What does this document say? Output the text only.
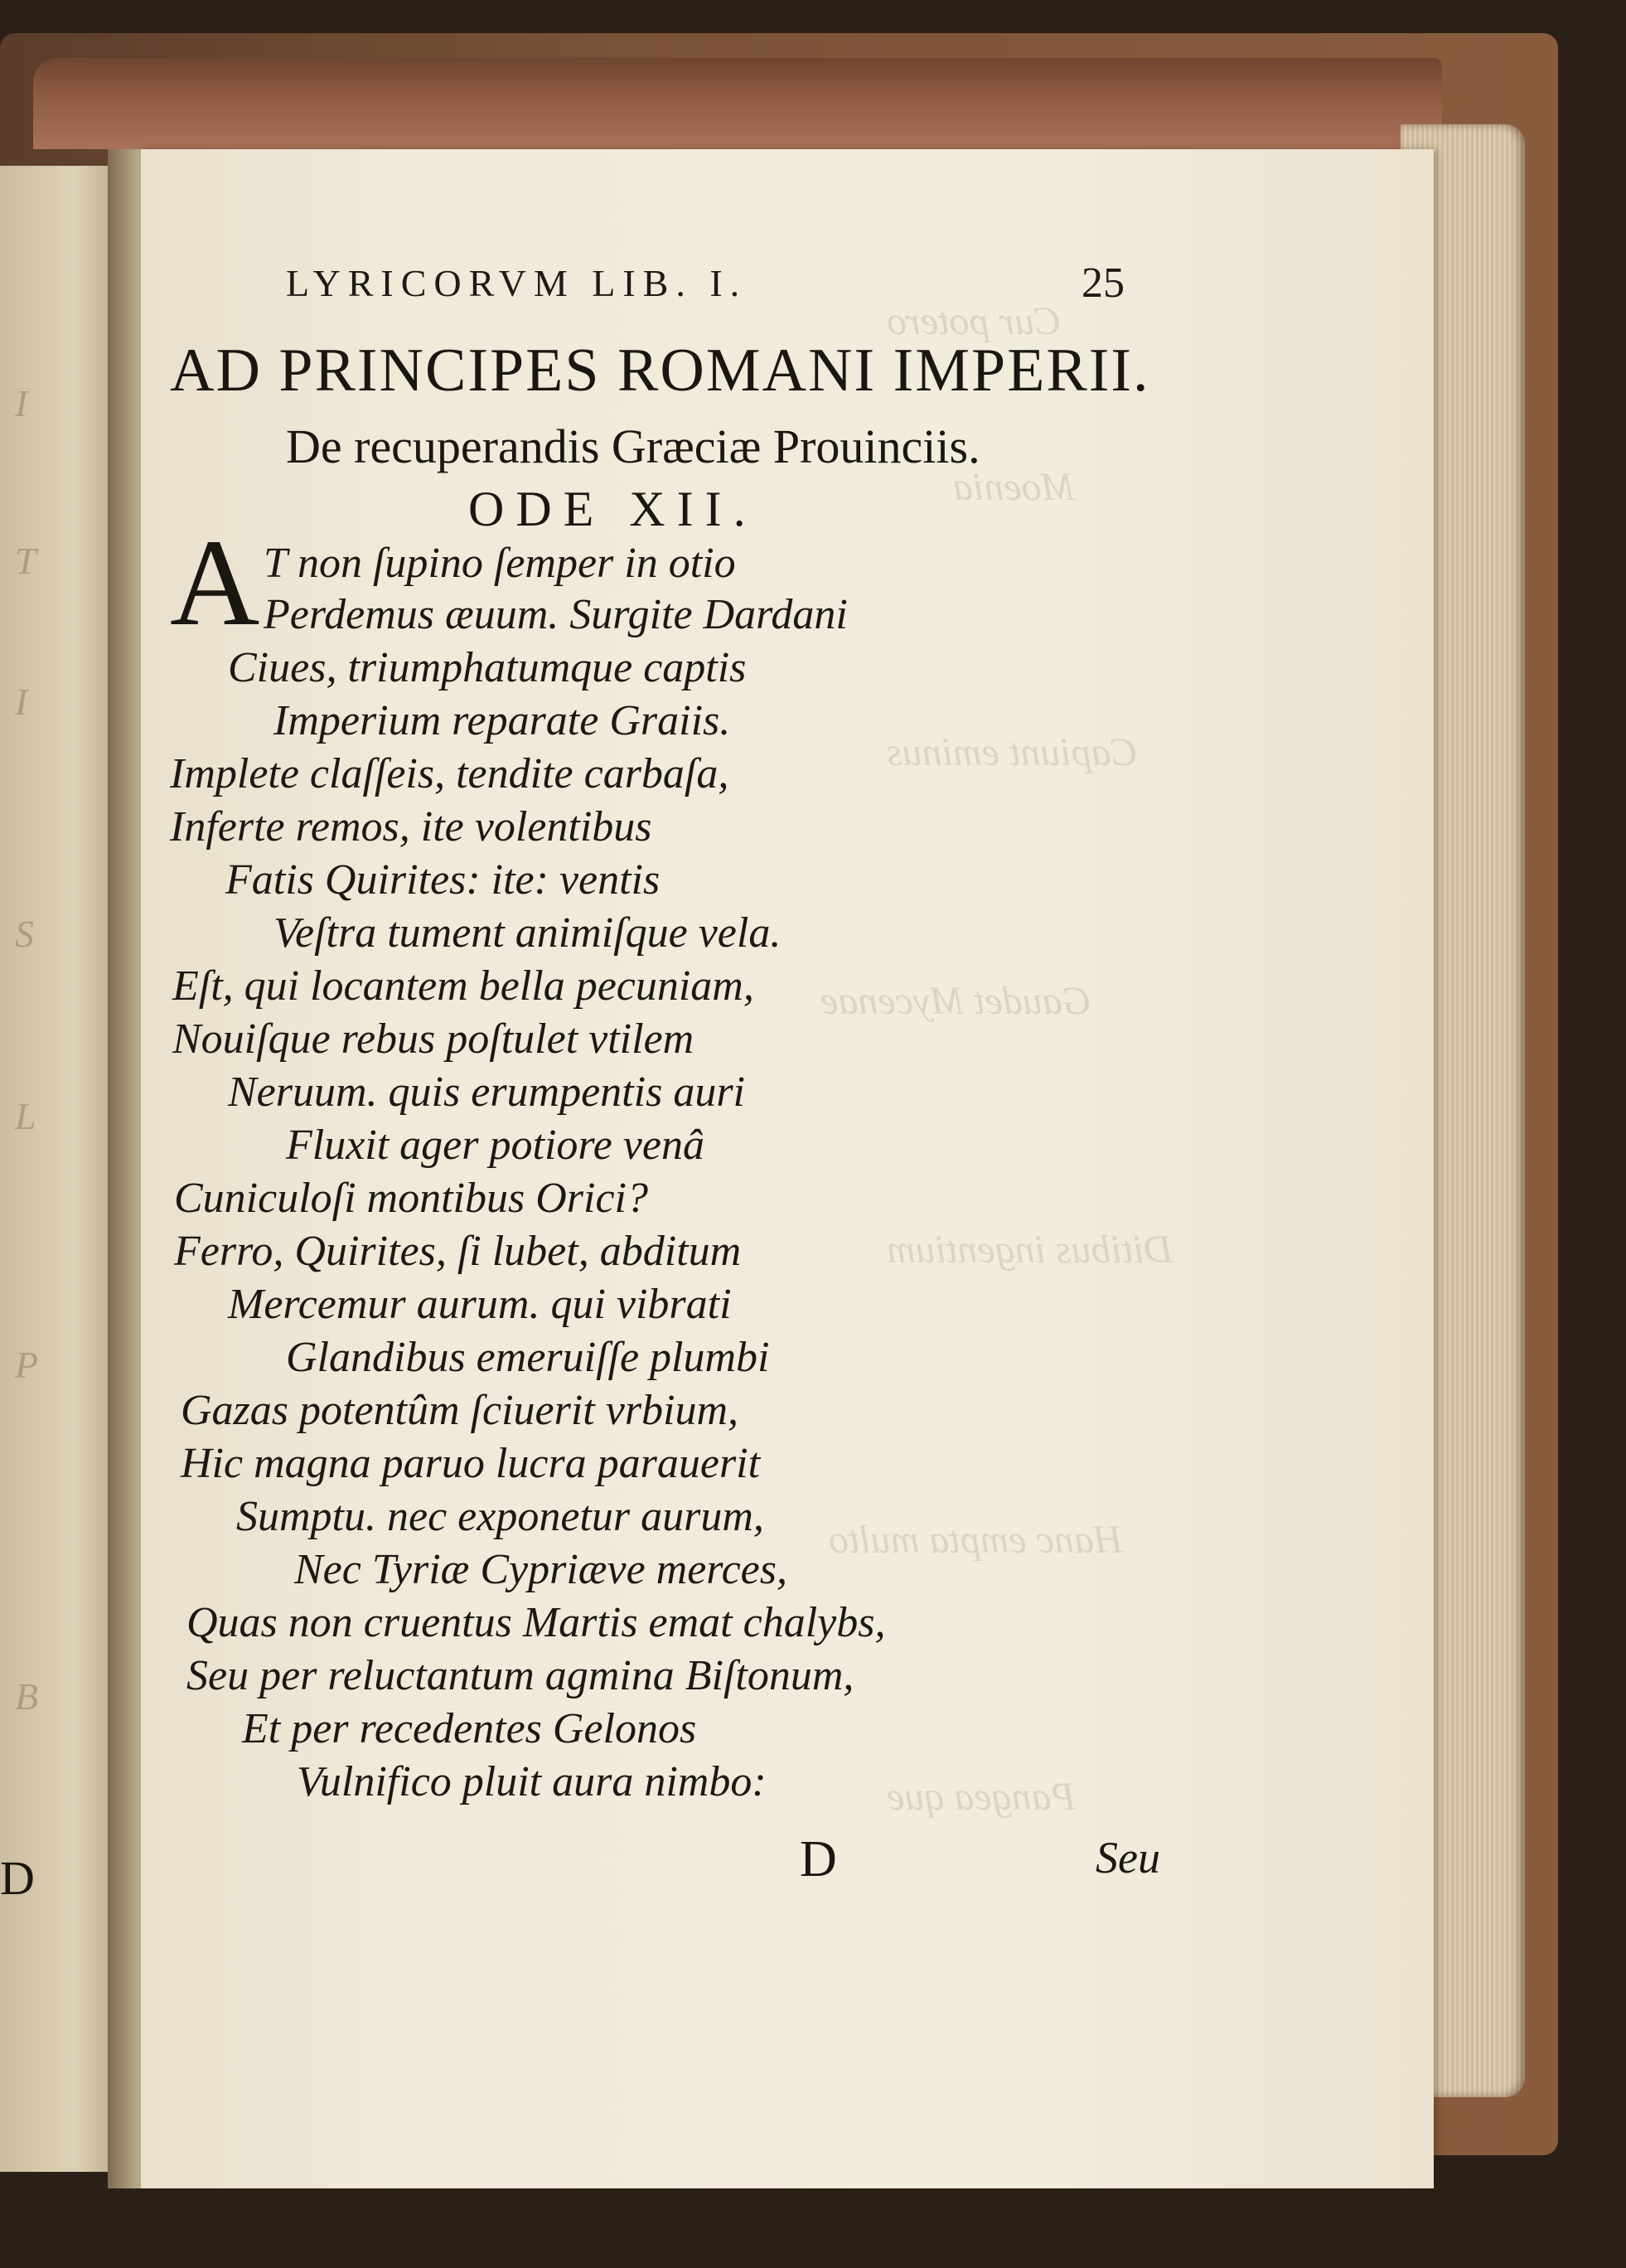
I
T
I
S
L
P
B
D
Cur potero
Moenia
Capiunt eminus
Gaudet Mycenae
Ditibus ingentium
Hanc empta multo
Pangea que
LYRICORVM LIB. I.	25
AD PRINCIPES ROMANI IMPERII.
De recuperandis Græciæ Prouinciis.
ODE XII.
A T non ſupino ſemper in otio
Perdemus æuum. Surgite Dardani
Ciues, triumphatumque captis
Imperium reparate Graiis.
Implete claſſeis, tendite carbaſa,
Inferte remos, ite volentibus
Fatis Quirites: ite: ventis
Veſtra tument animiſque vela.
Eſt, qui locantem bella pecuniam,
Nouiſque rebus poſtulet vtilem
Neruum. quis erumpentis auri
Fluxit ager potiore venâ
Cuniculoſi montibus Orici?
Ferro, Quirites, ſi lubet, abditum
Mercemur aurum. qui vibrati
Glandibus emeruiſſe plumbi
Gazas potentûm ſciuerit vrbium,
Hic magna paruo lucra parauerit
Sumptu. nec exponetur aurum,
Nec Tyriæ Cypriæve merces,
Quas non cruentus Martis emat chalybs,
Seu per reluctantum agmina Biſtonum,
Et per recedentes Gelonos
Vulnifico pluit aura nimbo:
D	Seu
